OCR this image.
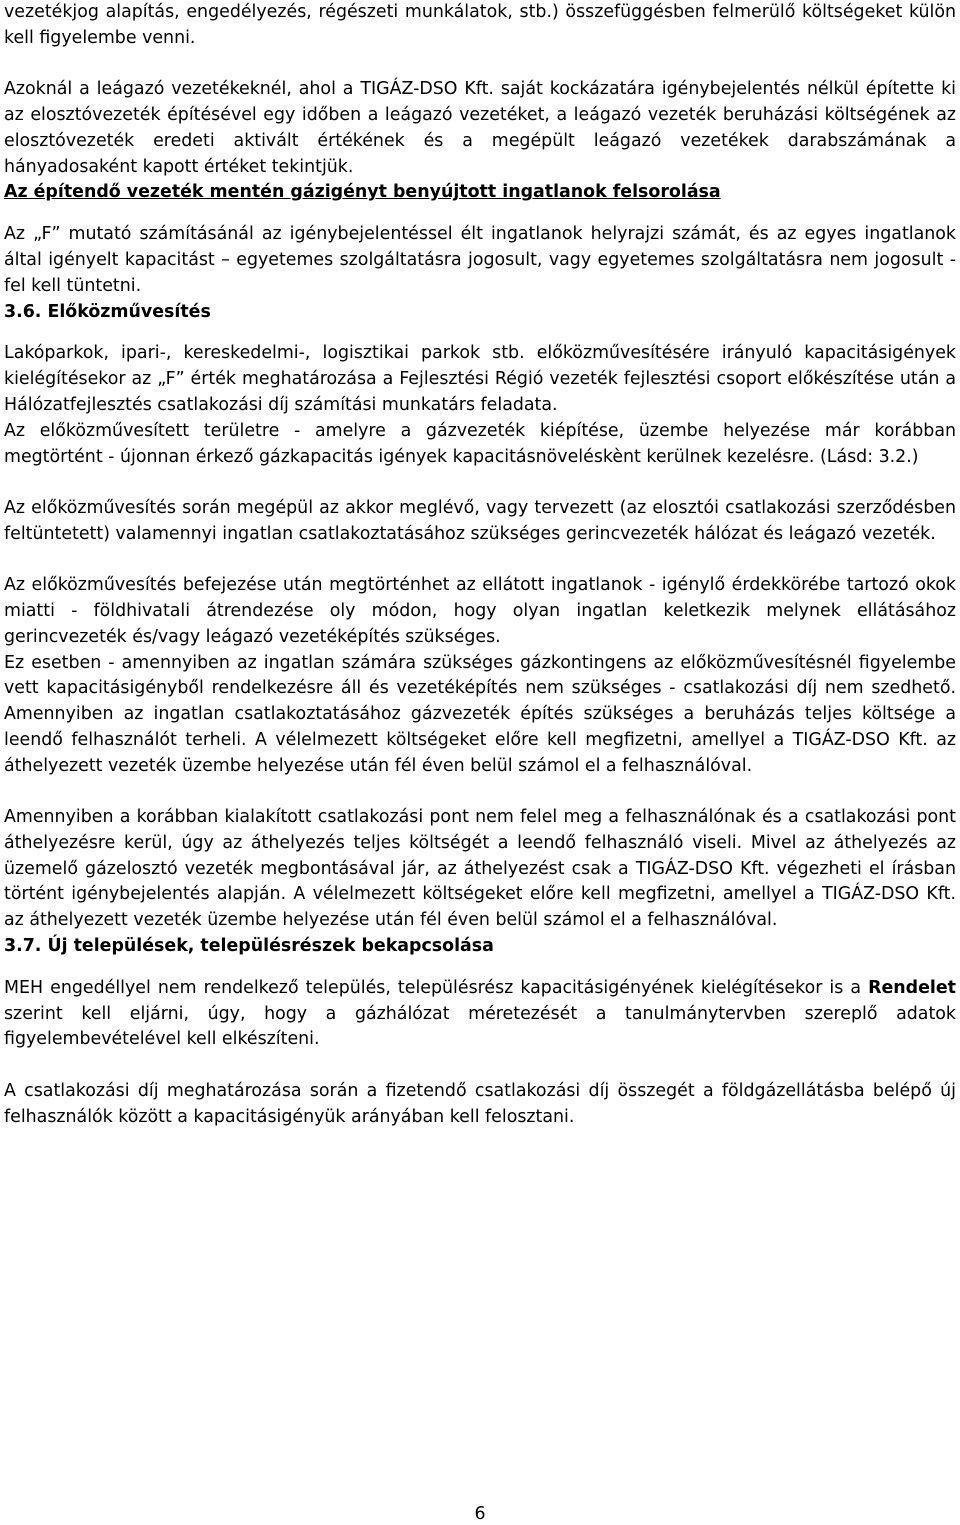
vezetékjog alapítás, engedélyezés, régészeti munkálatok, stb.) összefüggésben felmerülő költségeket külön kell figyelembe venni.

Azoknál a leágazó vezetékeknél, ahol a TIGÁZ-DSO Kft. saját kockázatára igénybejelentés nélkül építette ki az elosztóvezeték építésével egy időben a leágazó vezetéket, a leágazó vezeték beruházási költségének az elosztóvezeték eredeti aktivált értékének és a megépült leágazó vezetékek darabszámának a hányadosaként kapott értéket tekintjük.

Az építendő vezeték mentén gázigényt benyújtott ingatlanok felsorolása

Az „F” mutató számításánál az igénybejelentéssel élt ingatlanok helyrajzi számát, és az egyes ingatlanok által igényelt kapacitást – egyetemes szolgáltatásra jogosult, vagy egyetemes szolgáltatásra nem jogosult - fel kell tüntetni.

3.6. Előközművesítés

Lakóparkok, ipari-, kereskedelmi-, logisztikai parkok stb. előközművesítésére irányuló kapacitásigények kielégítésekor az „F” érték meghatározása a Fejlesztési Régió vezeték fejlesztési csoport előkészítése után a Hálózatfejlesztés csatlakozási díj számítási munkatárs feladata.

Az előközművesített területre - amelyre a gázvezeték kiépítése, üzembe helyezése már korábban megtörtént - újonnan érkező gázkapacitás igények kapacitásnöveléskènt kerülnek kezelésre. (Lásd: 3.2.)

Az előközművesítés során megépül az akkor meglévő, vagy tervezett (az elosztói csatlakozási szerződésben feltüntetett) valamennyi ingatlan csatlakoztatásához szükséges gerincvezeték hálózat és leágazó vezeték.

Az előközművesítés befejezése után megtörténhet az ellátott ingatlanok - igénylő érdekkörébe tartozó okok miatti - földhivatali átrendezése oly módon, hogy olyan ingatlan keletkezik melynek ellátásához gerincvezeték és/vagy leágazó vezetéképítés szükséges.

Ez esetben - amennyiben az ingatlan számára szükséges gázkontingens az előközművesítésnél figyelembe vett kapacitásigényből rendelkezésre áll és vezetéképítés nem szükséges - csatlakozási díj nem szedhető. Amennyiben az ingatlan csatlakoztatásához gázvezeték építés szükséges a beruházás teljes költsége a leendő felhasználót terheli. A vélelmezett költségeket előre kell megfizetni, amellyel a TIGÁZ-DSO Kft. az áthelyezett vezeték üzembe helyezése után fél éven belül számol el a felhasználóval.

Amennyiben a korábban kialakított csatlakozási pont nem felel meg a felhasználónak és a csatlakozási pont áthelyezésre kerül, úgy az áthelyezés teljes költségét a leendő felhasználó viseli. Mivel az áthelyezés az üzemelő gázelosztó vezeték megbontásával jár, az áthelyezést csak a TIGÁZ-DSO Kft. végezheti el írásban történt igénybejelentés alapján. A vélelmezett költségeket előre kell megfizetni, amellyel a TIGÁZ-DSO Kft. az áthelyezett vezeték üzembe helyezése után fél éven belül számol el a felhasználóval.

3.7. Új települések, településrészek bekapcsolása

MEH engedéllyel nem rendelkező település, településrész kapacitásigényének kielégítésekor is a Rendelet szerint kell eljárni, úgy, hogy a gázhálózat méretezését a tanulmánytervben szereplő adatok figyelembevételével kell elkészíteni.

A csatlakozási díj meghatározása során a fizetendő csatlakozási díj összegét a földgázellátásba belépő új felhasználók között a kapacitásigényük arányában kell felosztani.

6
